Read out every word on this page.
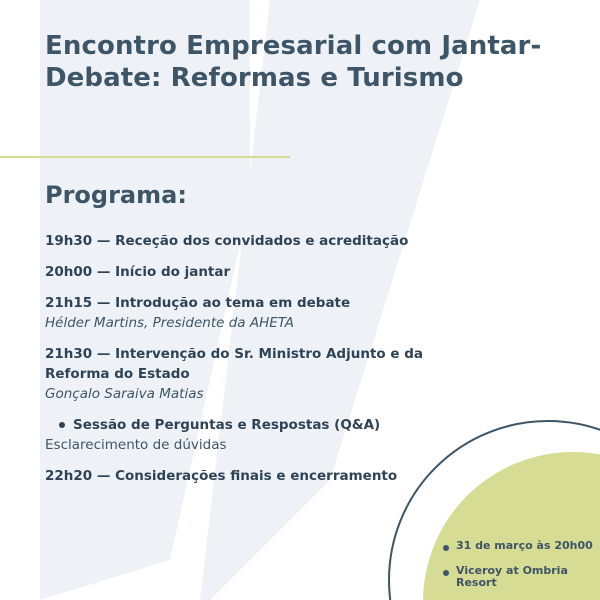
Encontro Empresarial com Jantar-Debate: Reformas e Turismo
Programa:
19h30 — Receção dos convidados e acreditação
20h00 — Início do jantar
21h15 — Introdução ao tema em debate
Hélder Martins, Presidente da AHETA
21h30 — Intervenção do Sr. Ministro Adjunto e da Reforma do Estado
Gonçalo Saraiva Matias
Sessão de Perguntas e Respostas (Q&A)
Esclarecimento de dúvidas
22h20 — Considerações finais e encerramento
31 de março às 20h00
Viceroy at Ombria Resort
